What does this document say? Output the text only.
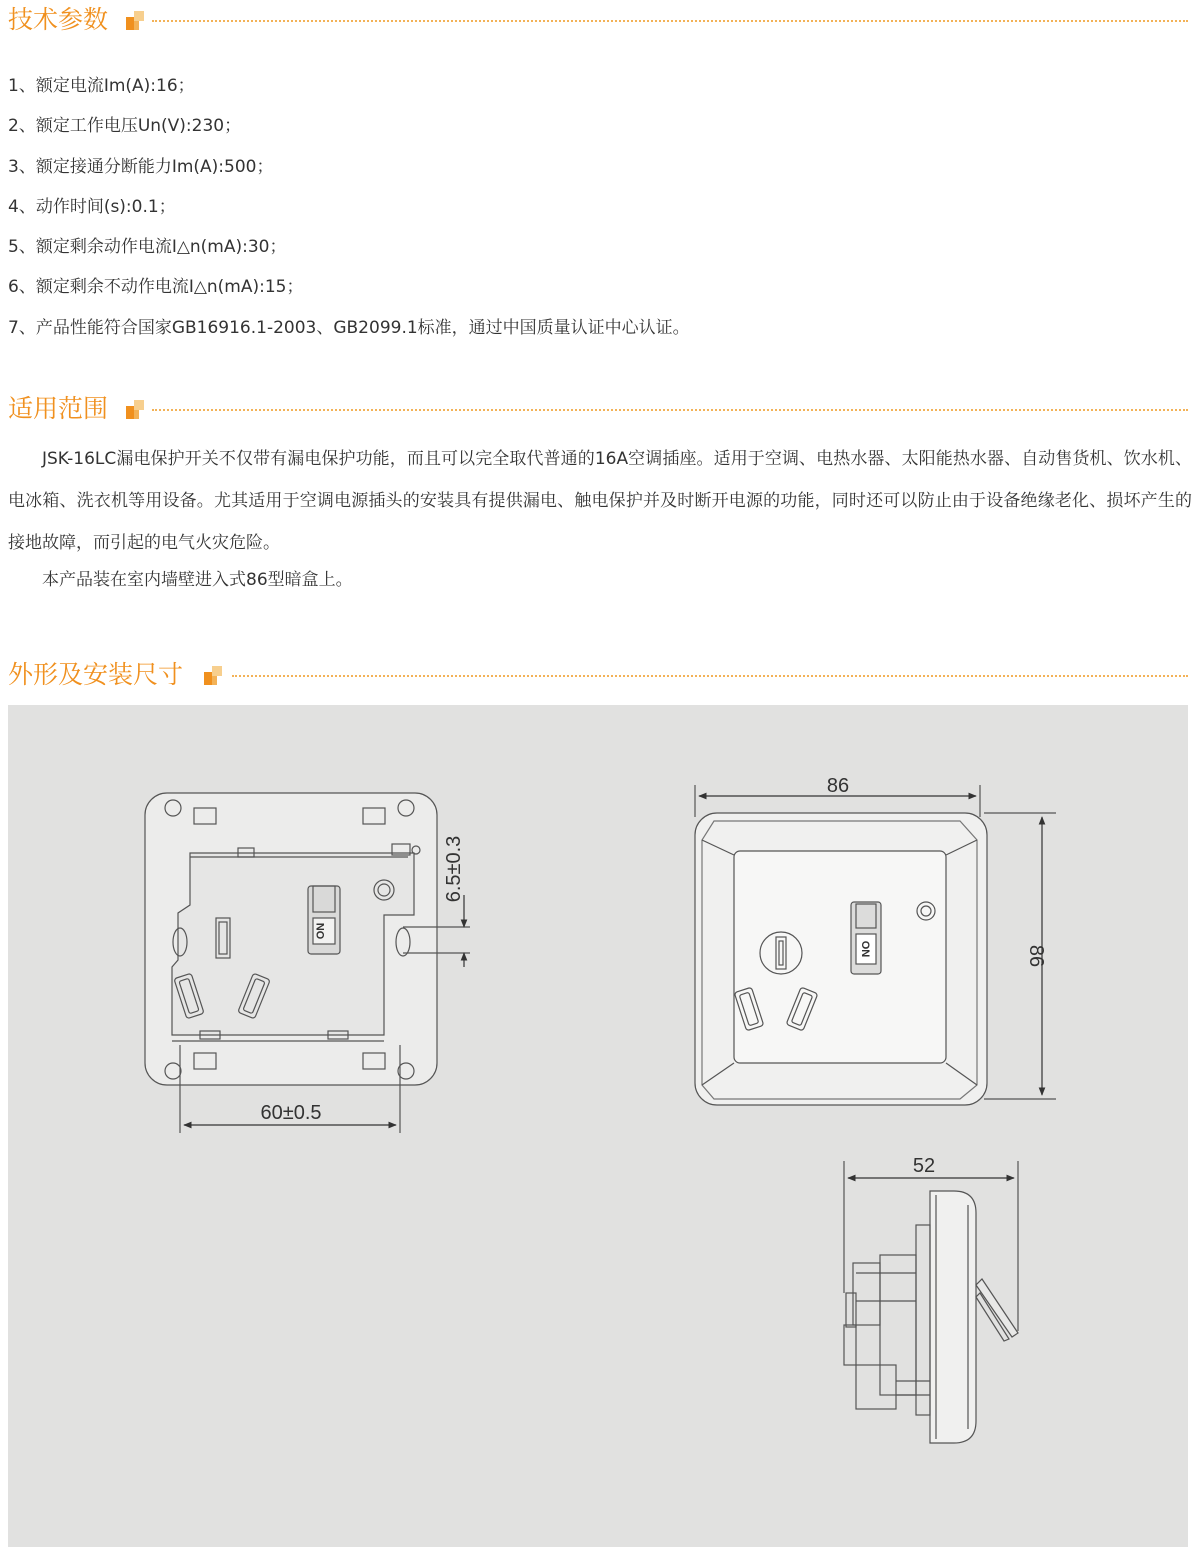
技术参数
1、额定电流Im(A):16；
2、额定工作电压Un(V):230；
3、额定接通分断能力Im(A):500；
4、动作时间(s):0.1；
5、额定剩余动作电流I△n(mA):30；
6、额定剩余不动作电流I△n(mA):15；
7、产品性能符合国家GB16916.1-2003、GB2099.1标准，通过中国质量认证中心认证。
适用范围

JSK-16LC漏电保护开关不仅带有漏电保护功能，而且可以完全取代普通的16A空调插座。适用于空调、电热水器、太阳能热水器、自动售货机、饮水机、电冰箱、洗衣机等用设备。尤其适用于空调电源插头的安装具有提供漏电、触电保护并及时断开电源的功能，同时还可以防止由于设备绝缘老化、损坏产生的接地故障，而引起的电气火灾危险。

本产品装在室内墙壁进入式86型暗盒上。

外形及安装尺寸
60±0.5
6.5±0.3
ON
86
86
ON
52
